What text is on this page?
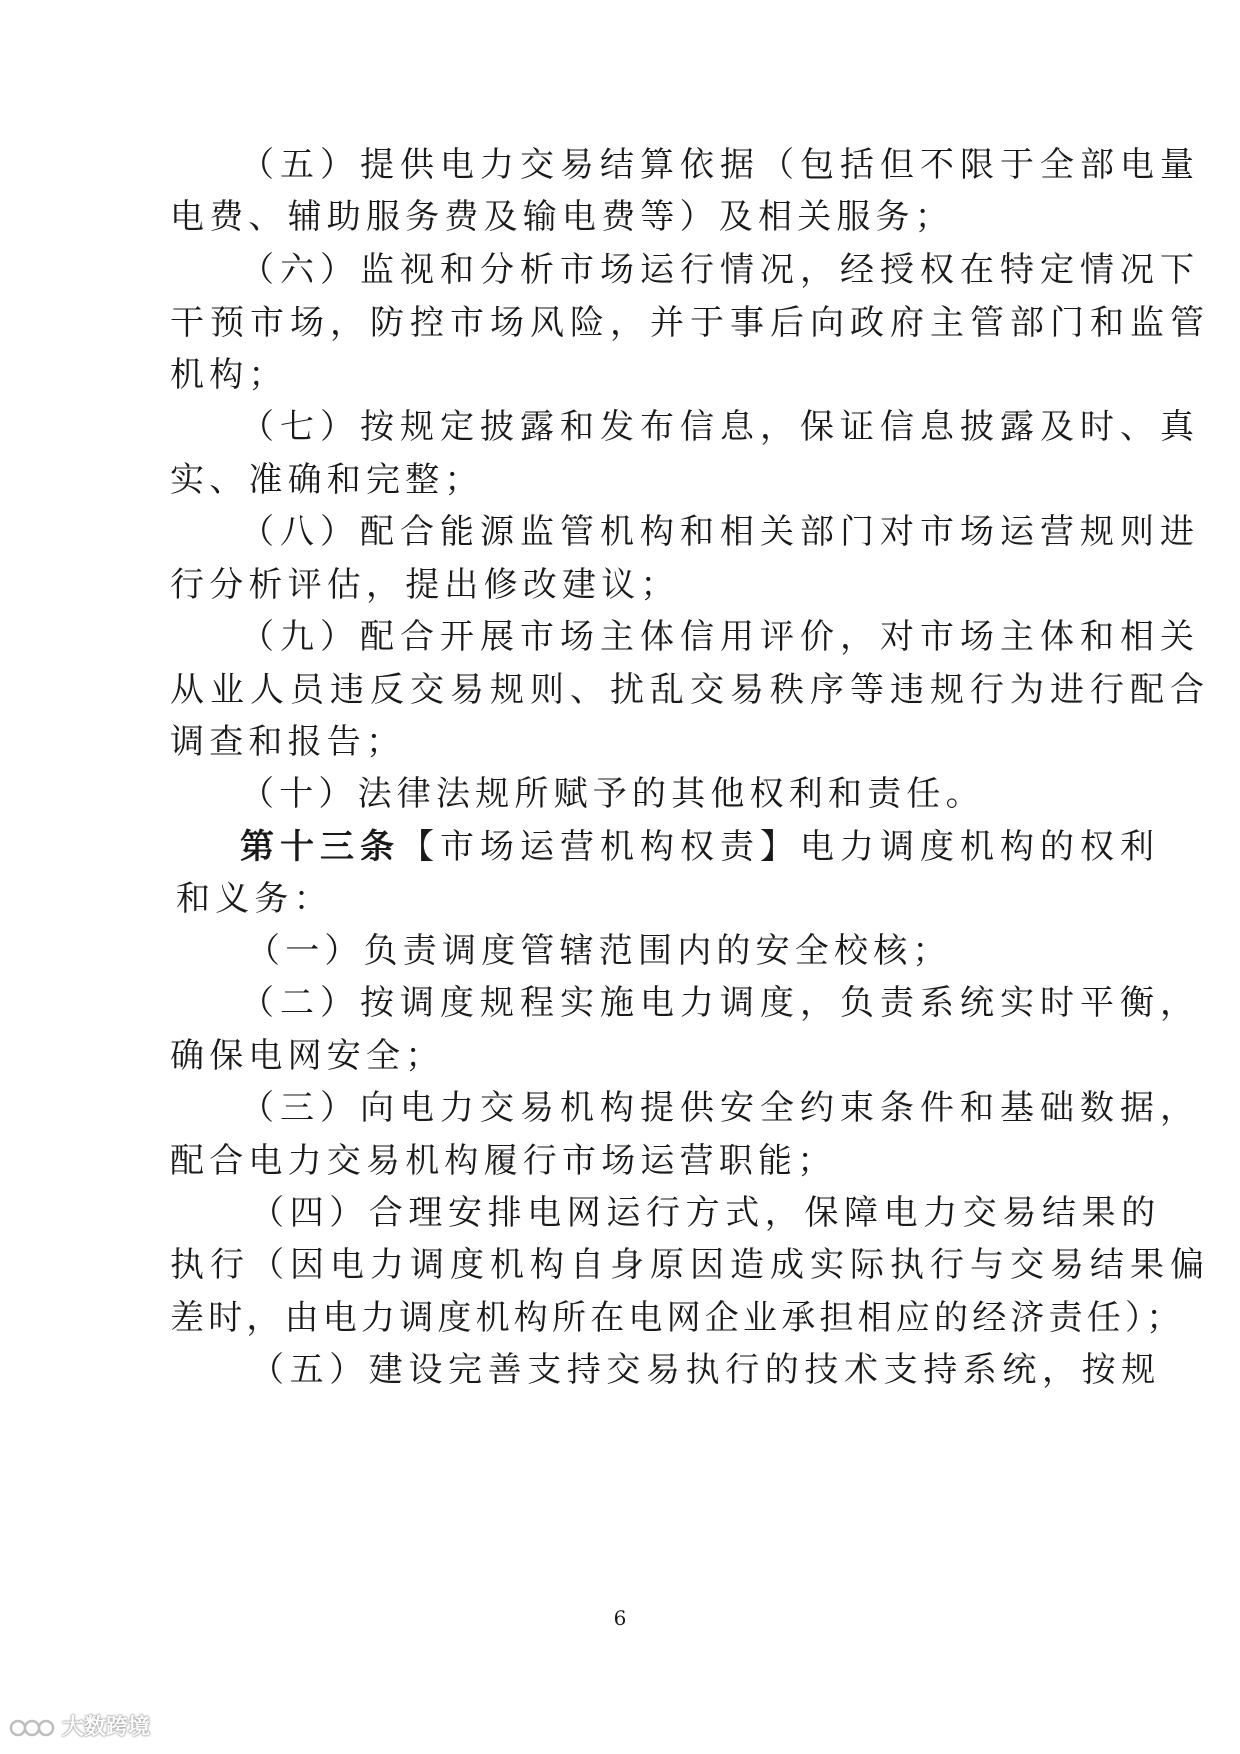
（五）提供电力交易结算依据（包括但不限于全部电量
电费、辅助服务费及输电费等）及相关服务；
（六）监视和分析市场运行情况，经授权在特定情况下
干预市场，防控市场风险，并于事后向政府主管部门和监管
机构；
（七）按规定披露和发布信息，保证信息披露及时、真
实、准确和完整；
（八）配合能源监管机构和相关部门对市场运营规则进
行分析评估，提出修改建议；
（九）配合开展市场主体信用评价，对市场主体和相关
从业人员违反交易规则、扰乱交易秩序等违规行为进行配合
调查和报告；
（十）法律法规所赋予的其他权利和责任。
第十三条【市场运营机构权责】电力调度机构的权利
和义务：
（一）负责调度管辖范围内的安全校核；
（二）按调度规程实施电力调度，负责系统实时平衡，
确保电网安全；
（三）向电力交易机构提供安全约束条件和基础数据，
配合电力交易机构履行市场运营职能；
（四）合理安排电网运行方式，保障电力交易结果的
执行（因电力调度机构自身原因造成实际执行与交易结果偏
差时，由电力调度机构所在电网企业承担相应的经济责任）；
（五）建设完善支持交易执行的技术支持系统，按规
6
大数跨境
